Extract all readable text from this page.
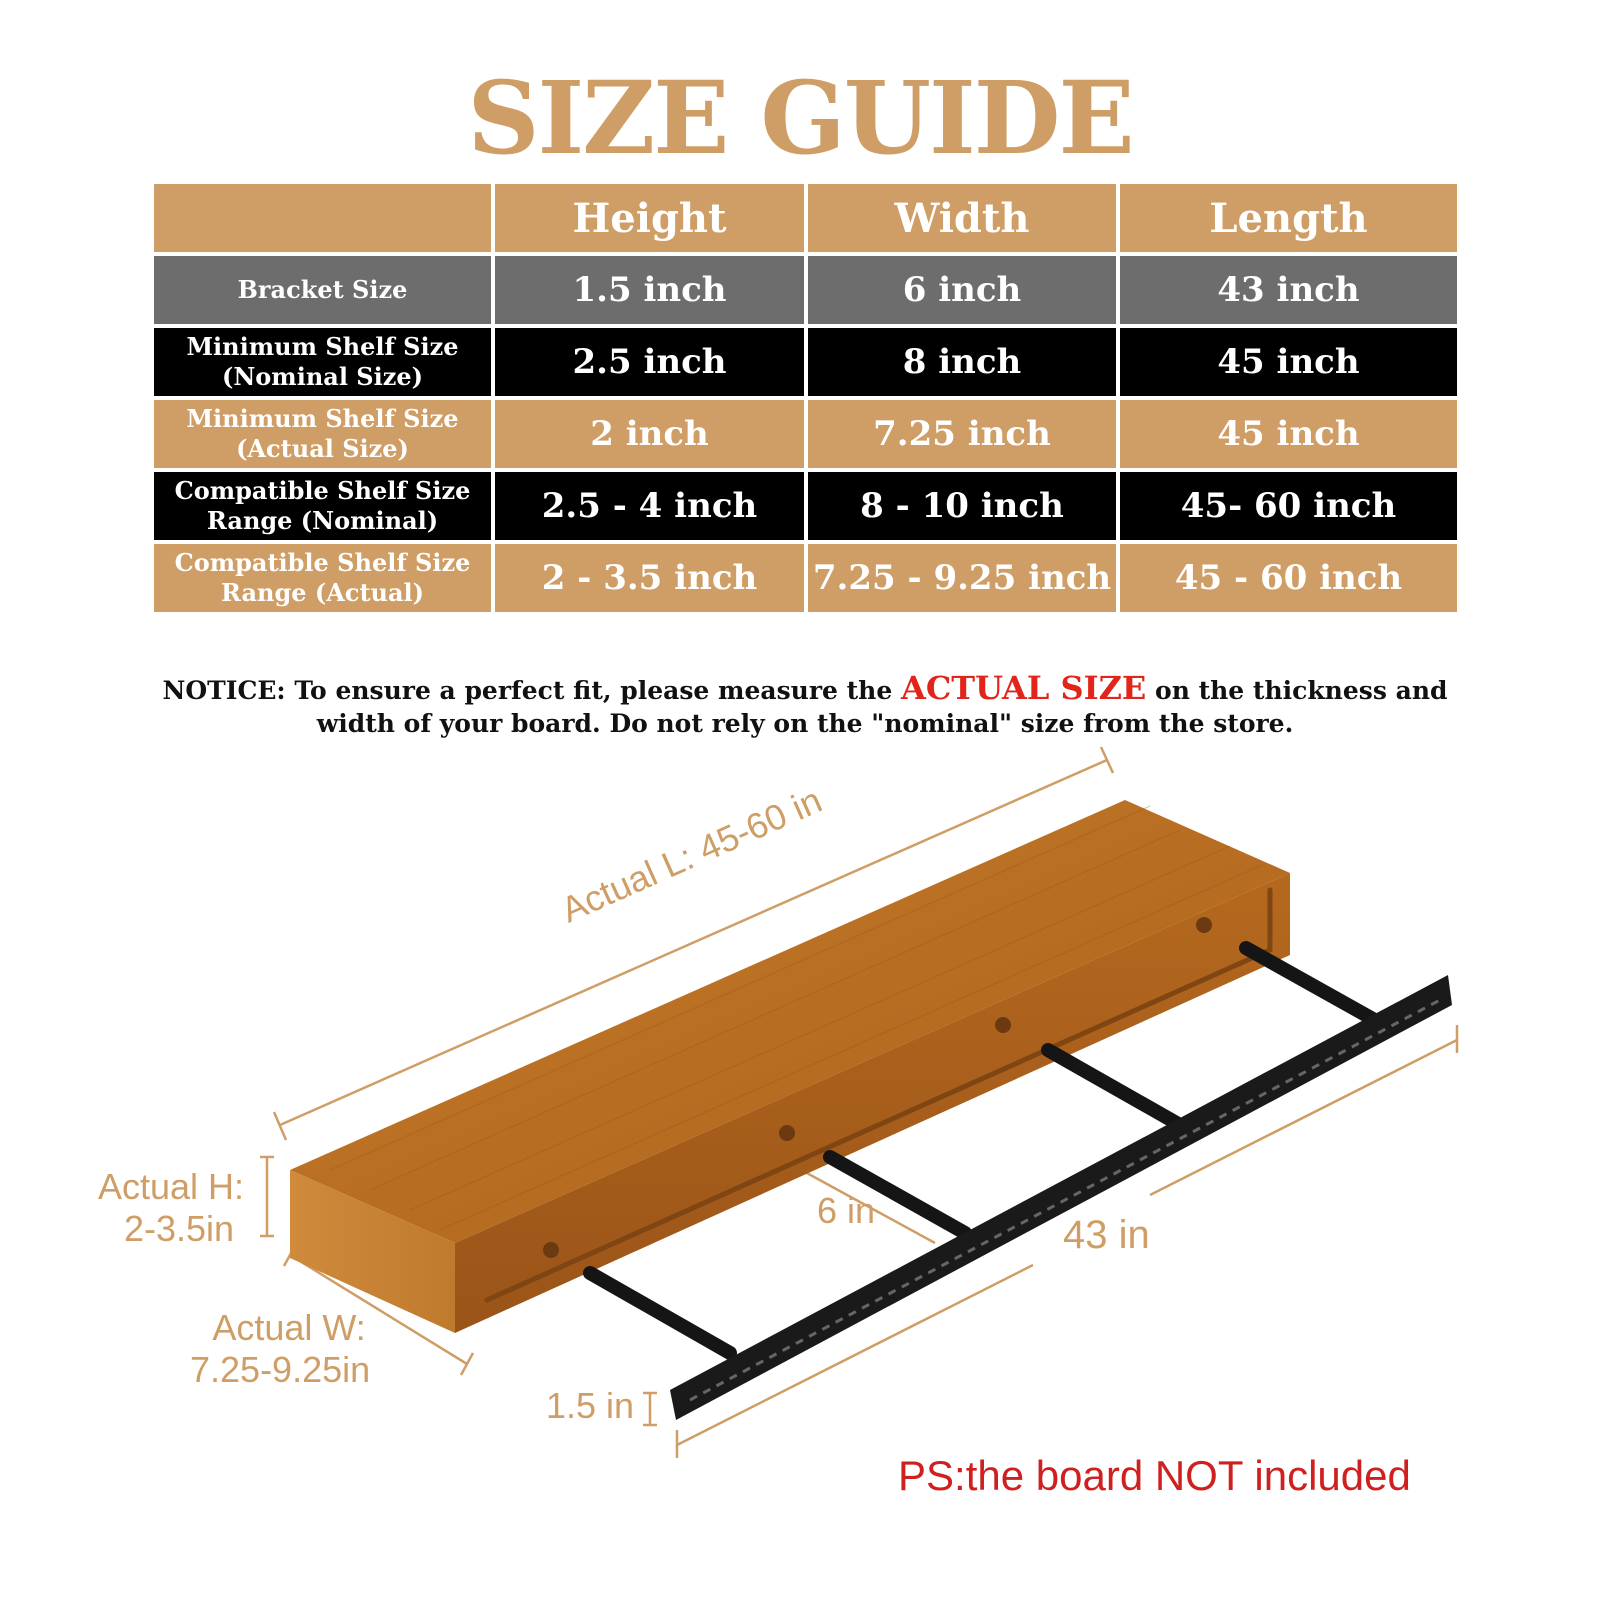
SIZE GUIDE
	Height	Width	Length
Bracket Size	1.5 inch	6 inch	43 inch
Minimum Shelf Size (Nominal Size)	2.5 inch	8 inch	45 inch
Minimum Shelf Size (Actual Size)	2 inch	7.25 inch	45 inch
Compatible Shelf Size Range (Nominal)	2.5 - 4 inch	8 - 10 inch	45- 60 inch
Compatible Shelf Size Range (Actual)	2 - 3.5 inch	7.25 - 9.25 inch	45 - 60 inch
NOTICE: To ensure a perfect fit, please measure the ACTUAL SIZE on the thickness and width of your board. Do not rely on the "nominal" size from the store.
Actual L: 45-60 in
Actual H:
2-3.5in
Actual W:
7.25-9.25in
6 in
43 in
1.5 in
PS:the board NOT included
